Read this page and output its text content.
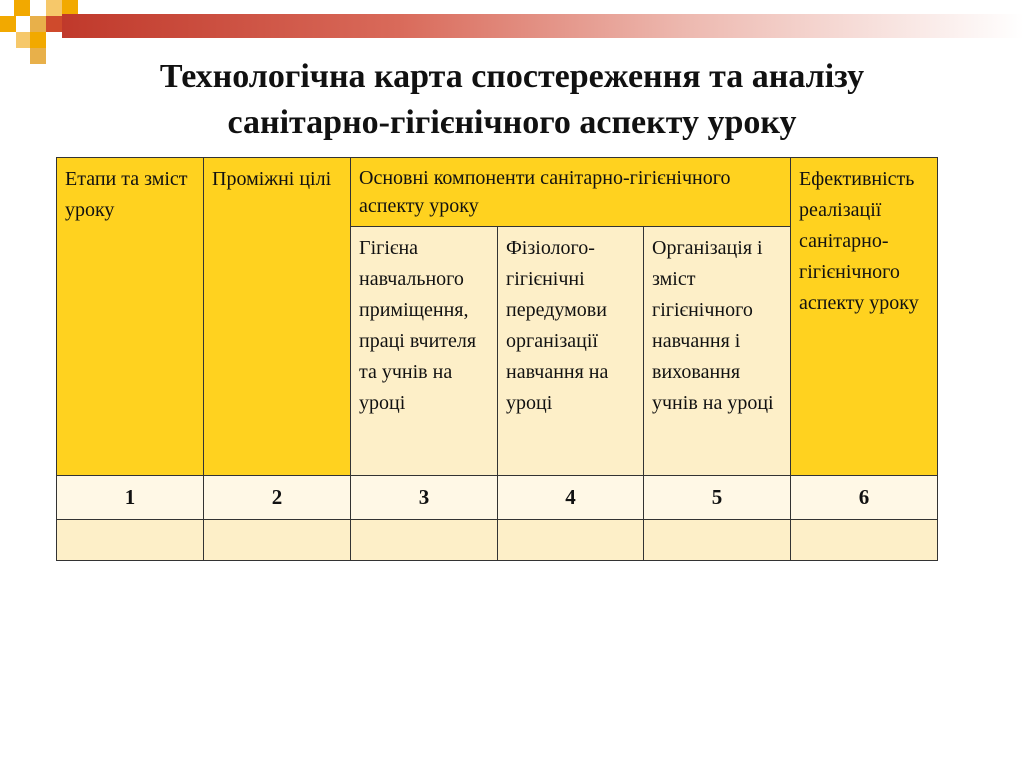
Технологічна карта спостереження та аналізу
санітарно-гігієнічного аспекту уроку
Етапи та зміст уроку	Проміжні цілі	Основні компоненти санітарно-гігієнічного аспекту уроку			Ефективність реалізації санітарно-гігієнічного аспекту уроку
		Гігієна навчального приміщення, праці вчителя та учнів на уроці	Фізіолого-гігієнічні передумови організації навчання на уроці	Організація і зміст гігієнічного навчання і виховання учнів на уроці	
1	2	3	4	5	6
